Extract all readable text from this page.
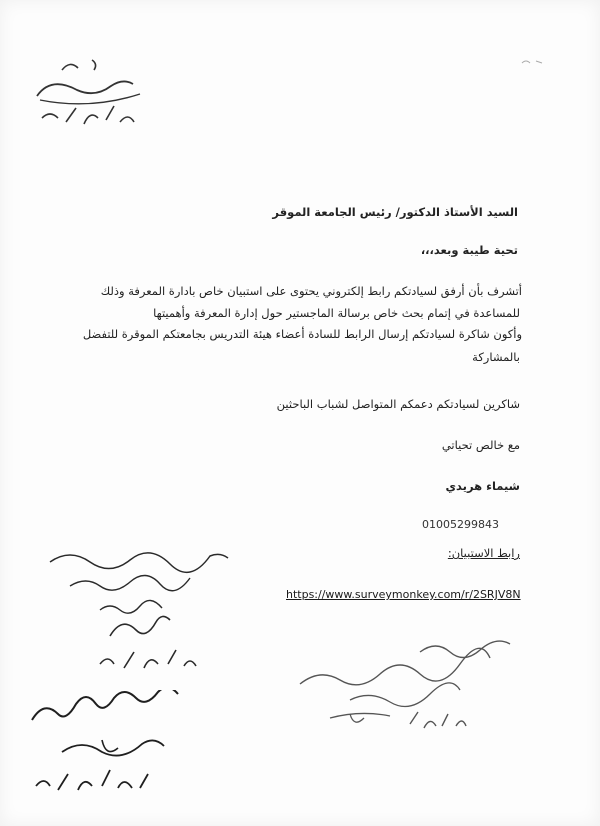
السيد الأستاذ الدكتور/ رئيس الجامعة الموقر
تحية طيبة وبعد،،،
أتشرف بأن أرفق لسيادتكم رابط إلكتروني يحتوى على استبيان خاص بادارة المعرفة وذلك
للمساعدة في إتمام بحث خاص برسالة الماجستير حول إدارة المعرفة وأهميتها
وأكون شاكرة لسيادتكم إرسال الرابط للسادة أعضاء هيئة التدريس بجامعتكم الموقرة للتفضل
بالمشاركة
شاكرين لسيادتكم دعمكم المتواصل لشباب الباحثين
مع خالص تحياتي
شيماء هريدي
01005299843
رابط الاستبيان:
https://www.surveymonkey.com/r/2SRJV8N
